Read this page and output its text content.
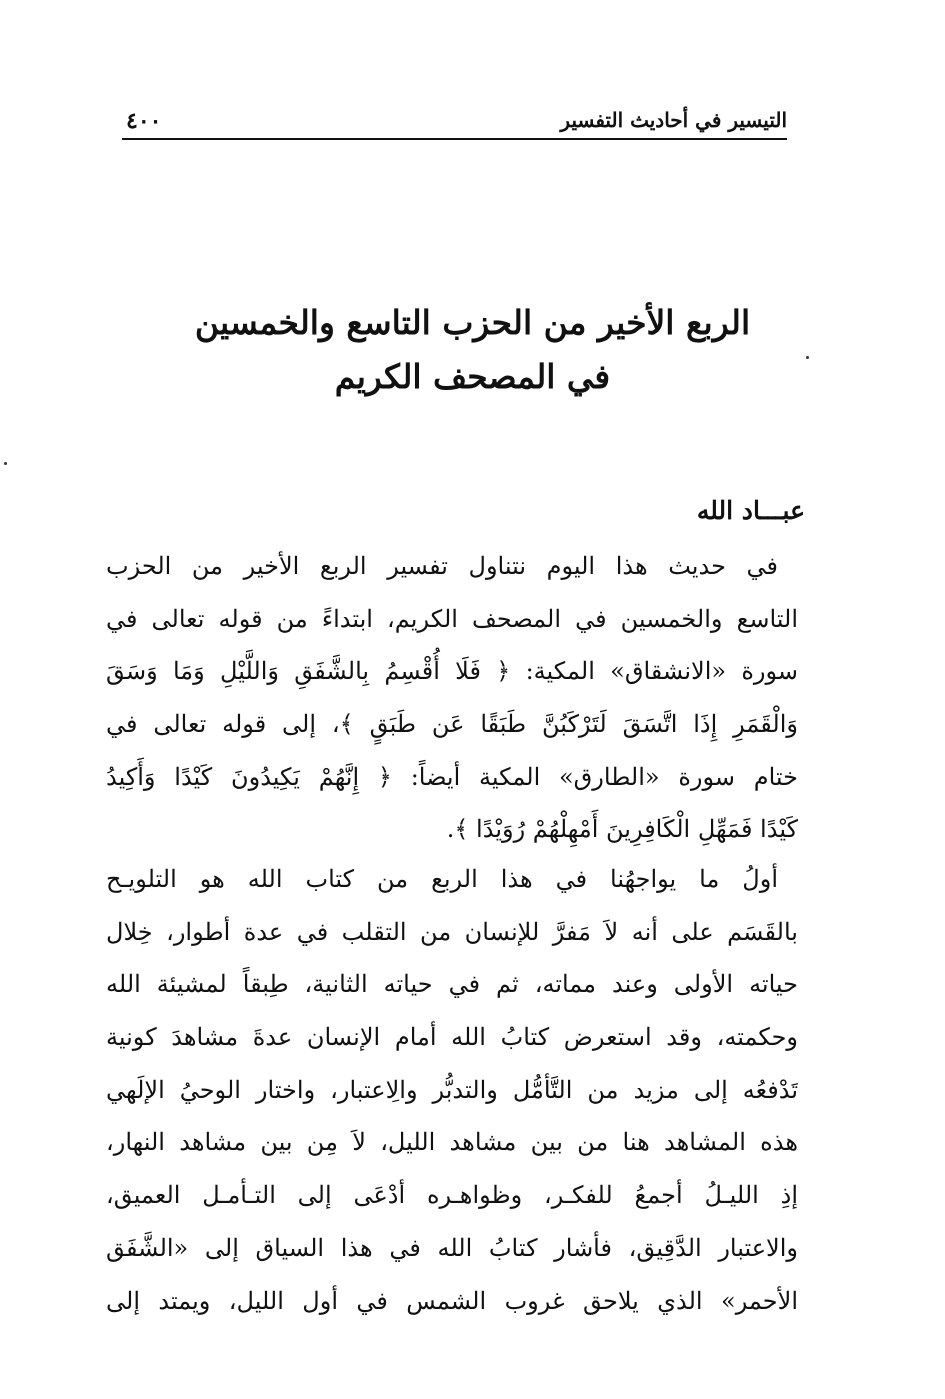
التيسير في أحاديث التفسير
٤٠٠
الربع الأخير من الحزب التاسع والخمسين
في المصحف الكريم
عبـــاد الله
في حديث هذا اليوم نتناول تفسير الربع الأخير من الحزب
التاسع والخمسين في المصحف الكريم، ابتداءً من قوله تعالى في
سورة «الانشقاق» المكية: ﴿ فَلَا أُقْسِمُ بِالشَّفَقِ وَاللَّيْلِ وَمَا وَسَقَ
وَالْقَمَرِ إِذَا اتَّسَقَ لَتَرْكَبُنَّ طَبَقًا عَن طَبَقٍ ﴾، إلى قوله تعالى في
ختام سورة «الطارق» المكية أيضاً: ﴿ إِنَّهُمْ يَكِيدُونَ كَيْدًا وَأَكِيدُ
كَيْدًا فَمَهِّلِ الْكَافِرِينَ أَمْهِلْهُمْ رُوَيْدًا ﴾.
أولُ ما يواجهُنا في هذا الربع من كتاب الله هو التلويـح
بالقَسَم على أنه لاَ مَفرَّ للإنسان من التقلب في عدة أطوار، خِلال
حياته الأولى وعند مماته، ثم في حياته الثانية، طِبقاً لمشيئة الله
وحكمته، وقد استعرض كتابُ الله أمام الإنسان عدةَ مشاهدَ كونية
تَدْفعُه إلى مزيد من التَّأمُّل والتدبُّر والِاعتبار، واختار الوحيُ الإلَهي
هذه المشاهد هنا من بين مشاهد الليل، لاَ مِن بين مشاهد النهار،
إذِ الليـلُ أجمعُ للفكـر، وظواهـره أدْعَى إلى التـأمـل العميق،
والاعتبار الدَّقِيق، فأشار كتابُ الله في هذا السياق إلى «الشَّفَق
الأحمر» الذي يلاحق غروب الشمس في أول الليل، ويمتد إلى
